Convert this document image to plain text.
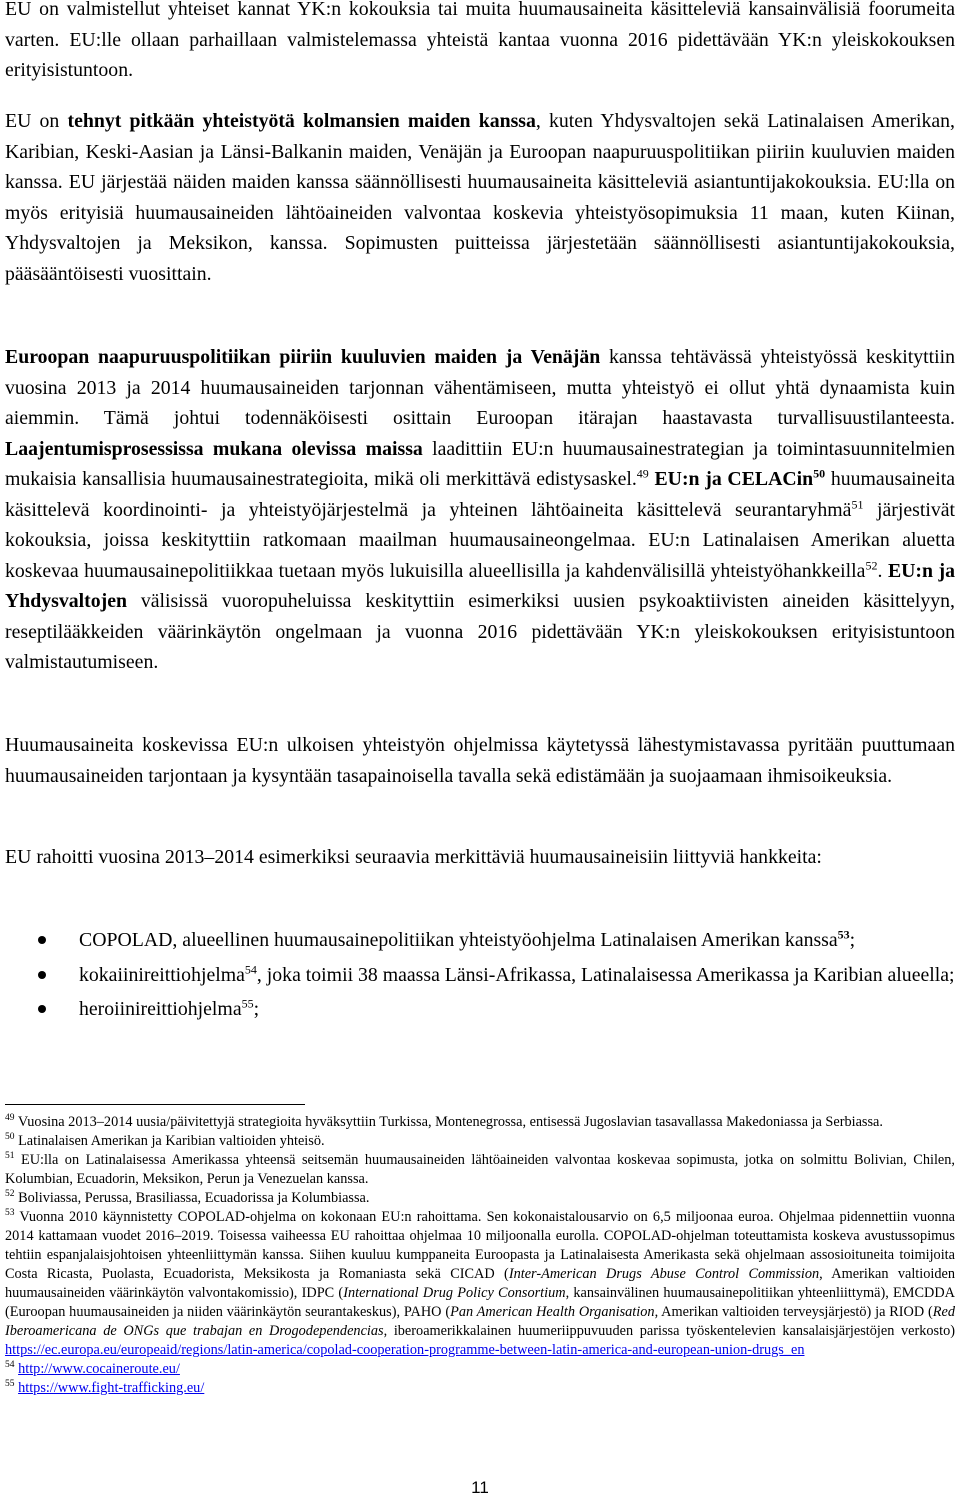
EU on valmistellut yhteiset kannat YK:n kokouksia tai muita huumausaineita käsitteleviä kansainvälisiä foorumeita varten. EU:lle ollaan parhaillaan valmistelemassa yhteistä kantaa vuonna 2016 pidettävään YK:n yleiskokouksen erityisistuntoon.

EU on tehnyt pitkään yhteistyötä kolmansien maiden kanssa, kuten Yhdysvaltojen sekä Latinalaisen Amerikan, Karibian, Keski-Aasian ja Länsi-Balkanin maiden, Venäjän ja Euroopan naapuruuspolitiikan piiriin kuuluvien maiden kanssa. EU järjestää näiden maiden kanssa säännöllisesti huumausaineita käsitteleviä asiantuntijakokouksia. EU:lla on myös erityisiä huumausaineiden lähtöaineiden valvontaa koskevia yhteistyösopimuksia 11 maan, kuten Kiinan, Yhdysvaltojen ja Meksikon, kanssa. Sopimusten puitteissa järjestetään säännöllisesti asiantuntijakokouksia, pääsääntöisesti vuosittain.

Euroopan naapuruuspolitiikan piiriin kuuluvien maiden ja Venäjän kanssa tehtävässä yhteistyössä keskityttiin vuosina 2013 ja 2014 huumausaineiden tarjonnan vähentämiseen, mutta yhteistyö ei ollut yhtä dynaamista kuin aiemmin. Tämä johtui todennäköisesti osittain Euroopan itärajan haastavasta turvallisuustilanteesta. Laajentumisprosessissa mukana olevissa maissa laadittiin EU:n huumausainestrategian ja toimintasuunnitelmien mukaisia kansallisia huumausainestrategioita, mikä oli merkittävä edistysaskel.$^{49}$ EU:n ja CELACin$^{50}$ huumausaineita käsittelevä koordinointi- ja yhteistyöjärjestelmä ja yhteinen lähtöaineita käsittelevä seurantaryhmä$^{51}$ järjestivät kokouksia, joissa keskityttiin ratkomaan maailman huumausaineongelmaa. EU:n Latinalaisen Amerikan aluetta koskevaa huumausainepolitiikkaa tuetaan myös lukuisilla alueellisilla ja kahdenvälisillä yhteistyöhankkeilla$^{52}$. EU:n ja Yhdysvaltojen välisissä vuoropuheluissa keskityttiin esimerkiksi uusien psykoaktiivisten aineiden käsittelyyn, reseptilääkkeiden väärinkäytön ongelmaan ja vuonna 2016 pidettävään YK:n yleiskokouksen erityisistuntoon valmistautumiseen.

Huumausaineita koskevissa EU:n ulkoisen yhteistyön ohjelmissa käytetyssä lähestymistavassa pyritään puuttumaan huumausaineiden tarjontaan ja kysyntään tasapainoisella tavalla sekä edistämään ja suojaamaan ihmisoikeuksia.

EU rahoitti vuosina 2013–2014 esimerkiksi seuraavia merkittäviä huumausaineisiin liittyviä hankkeita:

COPOLAD, alueellinen huumausainepolitiikan yhteistyöohjelma Latinalaisen Amerikan kanssa$^{53}$;
kokaiinireittiohjelma$^{54}$, joka toimii 38 maassa Länsi-Afrikassa, Latinalaisessa Amerikassa ja Karibian alueella;
heroiinireittiohjelma$^{55}$;

$^{49}$ Vuosina 2013–2014 uusia/päivitettyjä strategioita hyväksyttiin Turkissa, Montenegrossa, entisessä Jugoslavian tasavallassa Makedoniassa ja Serbiassa.

$^{50}$ Latinalaisen Amerikan ja Karibian valtioiden yhteisö.

$^{51}$ EU:lla on Latinalaisessa Amerikassa yhteensä seitsemän huumausaineiden lähtöaineiden valvontaa koskevaa sopimusta, jotka on solmittu Bolivian, Chilen, Kolumbian, Ecuadorin, Meksikon, Perun ja Venezuelan kanssa.

$^{52}$ Boliviassa, Perussa, Brasiliassa, Ecuadorissa ja Kolumbiassa.

$^{53}$ Vuonna 2010 käynnistetty COPOLAD-ohjelma on kokonaan EU:n rahoittama. Sen kokonaistalousarvio on 6,5 miljoonaa euroa. Ohjelmaa pidennettiin vuonna 2014 kattamaan vuodet 2016–2019. Toisessa vaiheessa EU rahoittaa ohjelmaa 10 miljoonalla eurolla. COPOLAD-ohjelman toteuttamista koskeva avustussopimus tehtiin espanjalaisjohtoisen yhteenliittymän kanssa. Siihen kuuluu kumppaneita Euroopasta ja Latinalaisesta Amerikasta sekä ohjelmaan assosioituneita toimijoita Costa Ricasta, Puolasta, Ecuadorista, Meksikosta ja Romaniasta sekä CICAD (Inter-American Drugs Abuse Control Commission, Amerikan valtioiden huumausaineiden väärinkäytön valvontakomissio), IDPC (International Drug Policy Consortium, kansainvälinen huumausainepolitiikan yhteenliittymä), EMCDDA (Euroopan huumausaineiden ja niiden väärinkäytön seurantakeskus), PAHO (Pan American Health Organisation, Amerikan valtioiden terveysjärjestö) ja RIOD (Red Iberoamericana de ONGs que trabajan en Drogodependencias, iberoamerikkalainen huumeriippuvuuden parissa työskentelevien kansalaisjärjestöjen verkosto) https://ec.europa.eu/europeaid/regions/latin-america/copolad-cooperation-programme-between-latin-america-and-european-union-drugs_en

$^{54}$ http://www.cocaineroute.eu/

$^{55}$ https://www.fight-trafficking.eu/

11
